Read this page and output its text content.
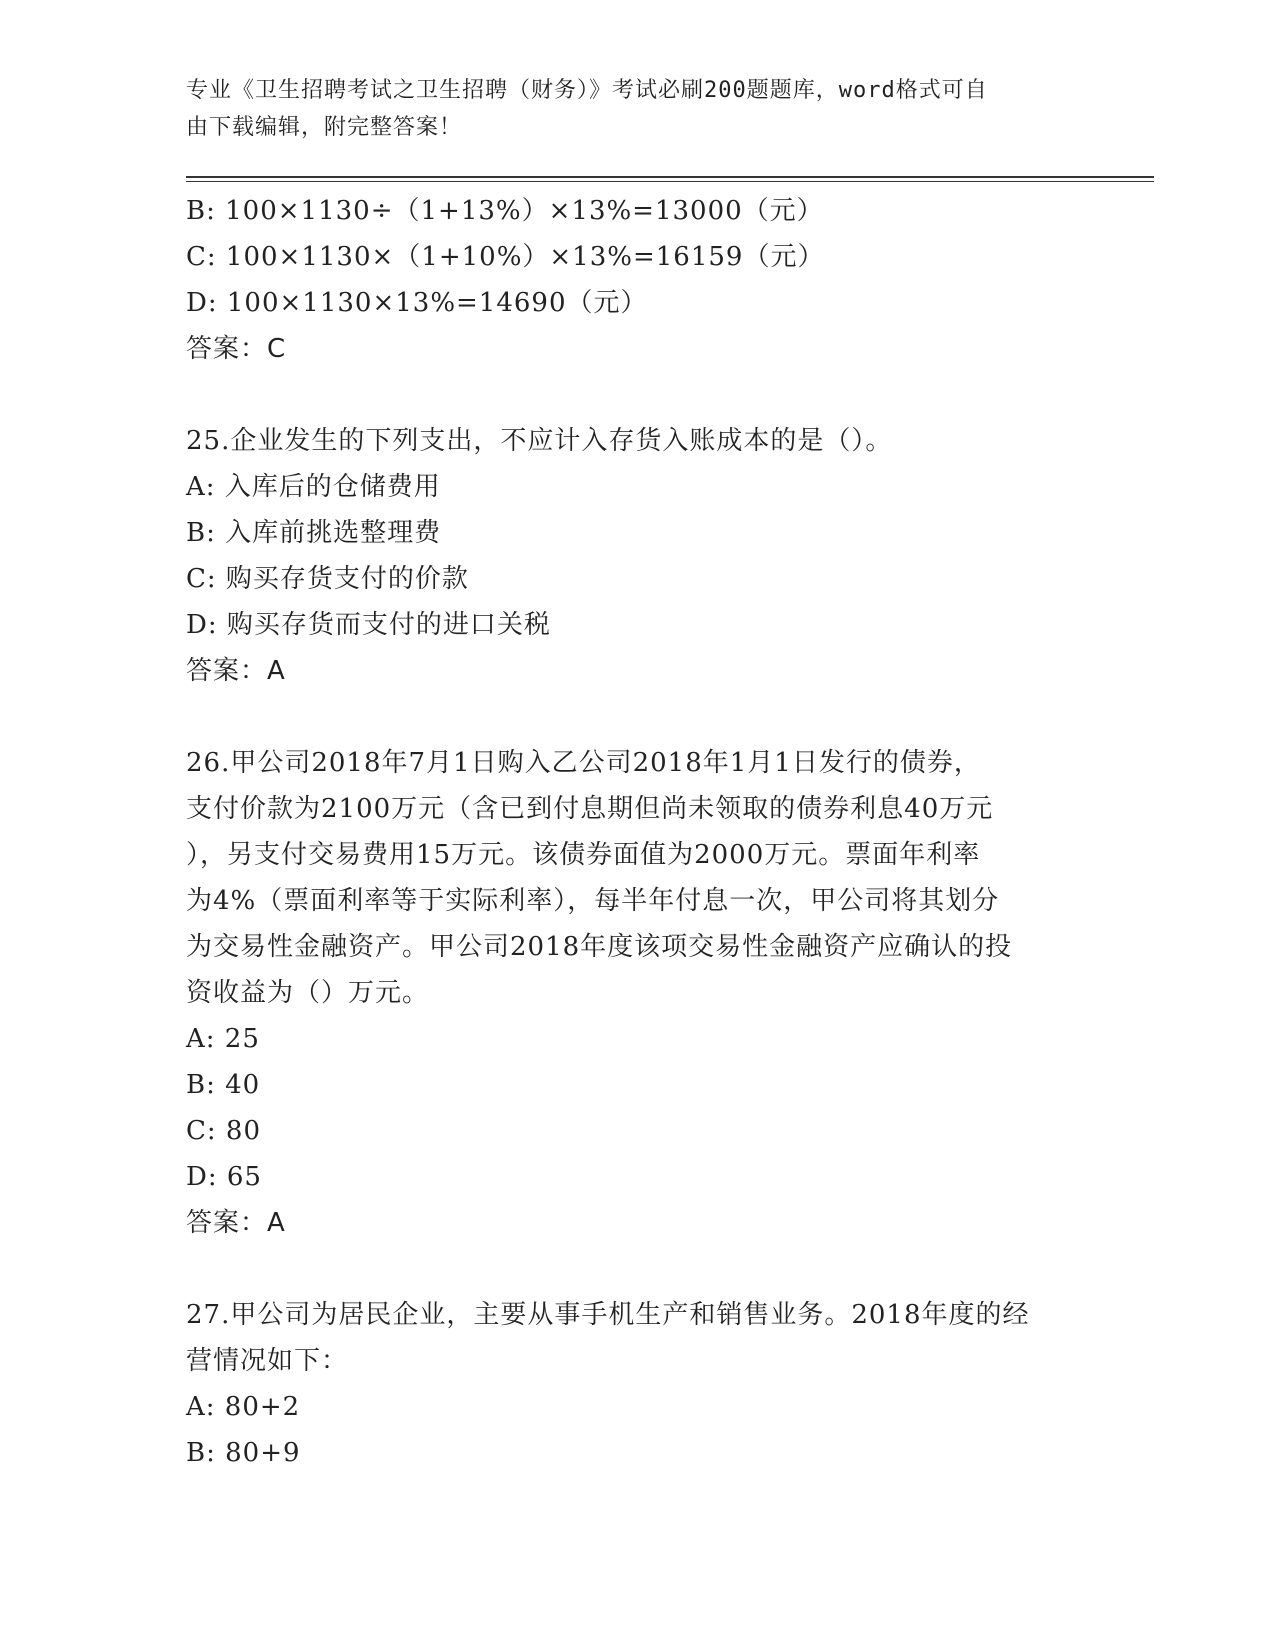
专业《卫生招聘考试之卫生招聘（财务）》考试必刷200题题库，word格式可自
由下载编辑，附完整答案！
B: 100×1130÷（1+13%）×13%=13000（元）
C: 100×1130×（1+10%）×13%=16159（元）
D: 100×1130×13%=14690（元）
答案：C
25.企业发生的下列支出，不应计入存货入账成本的是（）。
A: 入库后的仓储费用
B: 入库前挑选整理费
C: 购买存货支付的价款
D: 购买存货而支付的进口关税
答案：A
26.甲公司2018年7月1日购入乙公司2018年1月1日发行的债券，
支付价款为2100万元（含已到付息期但尚未领取的债券利息40万元
），另支付交易费用15万元。该债券面值为2000万元。票面年利率
为4%（票面利率等于实际利率），每半年付息一次，甲公司将其划分
为交易性金融资产。甲公司2018年度该项交易性金融资产应确认的投
资收益为（）万元。
A: 25
B: 40
C: 80
D: 65
答案：A
27.甲公司为居民企业，主要从事手机生产和销售业务。2018年度的经
营情况如下：
A: 80+2
B: 80+9
